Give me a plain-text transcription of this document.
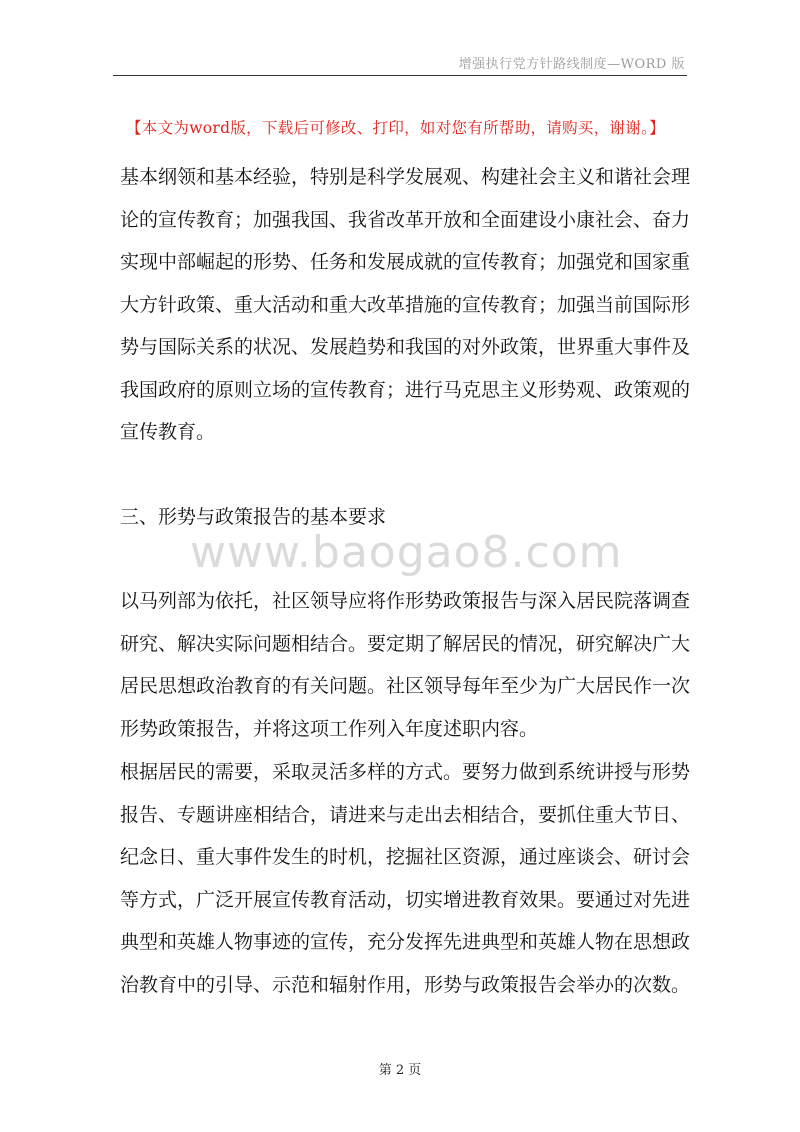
增强执行党方针路线制度—WORD 版
【本文为word版，下载后可修改、打印，如对您有所帮助，请购买，谢谢。】
www.baogao8.com

基本纲领和基本经验，特别是科学发展观、构建社会主义和谐社会理

论的宣传教育；加强我国、我省改革开放和全面建设小康社会、奋力

实现中部崛起的形势、任务和发展成就的宣传教育；加强党和国家重

大方针政策、重大活动和重大改革措施的宣传教育；加强当前国际形

势与国际关系的状况、发展趋势和我国的对外政策，世界重大事件及

我国政府的原则立场的宣传教育；进行马克思主义形势观、政策观的

宣传教育。

三、形势与政策报告的基本要求

以马列部为依托，社区领导应将作形势政策报告与深入居民院落调查

研究、解决实际问题相结合。要定期了解居民的情况，研究解决广大

居民思想政治教育的有关问题。社区领导每年至少为广大居民作一次

形势政策报告，并将这项工作列入年度述职内容。

根据居民的需要，采取灵活多样的方式。要努力做到系统讲授与形势

报告、专题讲座相结合，请进来与走出去相结合，要抓住重大节日、

纪念日、重大事件发生的时机，挖掘社区资源，通过座谈会、研讨会

等方式，广泛开展宣传教育活动，切实增进教育效果。要通过对先进

典型和英雄人物事迹的宣传，充分发挥先进典型和英雄人物在思想政

治教育中的引导、示范和辐射作用，形势与政策报告会举办的次数。

第 2 页
